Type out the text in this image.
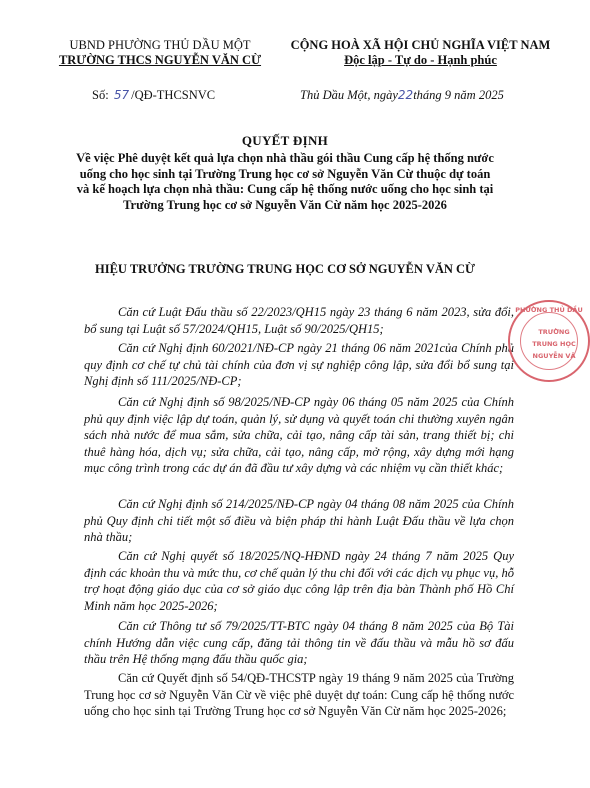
UBND PHƯỜNG THỦ DẦU MỘT
TRƯỜNG THCS NGUYỄN VĂN CỪ
CỘNG HOÀ XÃ HỘI CHỦ NGHĨA VIỆT NAM
Độc lập - Tự do - Hạnh phúc
Số: 57 /QĐ-THCSNVC	Thủ Dầu Một, ngày22tháng 9 năm 2025
QUYẾT ĐỊNH
Về việc Phê duyệt kết quả lựa chọn nhà thầu gói thầu Cung cấp hệ thống nước uống cho học sinh tại Trường Trung học cơ sở Nguyễn Văn Cừ thuộc dự toán và kế hoạch lựa chọn nhà thầu: Cung cấp hệ thống nước uống cho học sinh tại Trường Trung học cơ sở Nguyễn Văn Cừ năm học 2025-2026
HIỆU TRƯỞNG TRƯỜNG TRUNG HỌC CƠ SỞ NGUYỄN VĂN CỪ
Căn cứ Luật Đấu thầu số 22/2023/QH15 ngày 23 tháng 6 năm 2023, sửa đổi, bổ sung tại Luật số 57/2024/QH15, Luật số 90/2025/QH15;
Căn cứ Nghị định 60/2021/NĐ-CP ngày 21 tháng 06 năm 2021của Chính phủ quy định cơ chế tự chủ tài chính của đơn vị sự nghiệp công lập, sửa đổi bổ sung tại Nghị định số 111/2025/NĐ-CP;
Căn cứ Nghị định số 98/2025/NĐ-CP ngày 06 tháng 05 năm 2025 của Chính phủ quy định việc lập dự toán, quản lý, sử dụng và quyết toán chi thường xuyên ngân sách nhà nước để mua sắm, sửa chữa, cải tạo, nâng cấp tài sản, trang thiết bị; chi thuê hàng hóa, dịch vụ; sửa chữa, cải tạo, nâng cấp, mở rộng, xây dựng mới hạng mục công trình trong các dự án đã đầu tư xây dựng và các nhiệm vụ cần thiết khác;
Căn cứ Nghị định số 214/2025/NĐ-CP ngày 04 tháng 08 năm 2025 của Chính phủ Quy định chi tiết một số điều và biện pháp thi hành Luật Đấu thầu về lựa chọn nhà thầu;
Căn cứ Nghị quyết số 18/2025/NQ-HĐND ngày 24 tháng 7 năm 2025 Quy định các khoản thu và mức thu, cơ chế quản lý thu chi đối với các dịch vụ phục vụ, hỗ trợ hoạt động giáo dục của cơ sở giáo dục công lập trên địa bàn Thành phố Hồ Chí Minh năm học 2025-2026;
Căn cứ Thông tư số 79/2025/TT-BTC ngày 04 tháng 8 năm 2025 của Bộ Tài chính Hướng dẫn việc cung cấp, đăng tải thông tin về đấu thầu và mẫu hồ sơ đấu thầu trên Hệ thống mạng đấu thầu quốc gia;
Căn cứ Quyết định số 54/QĐ-THCSTP ngày 19 tháng 9 năm 2025 của Trường Trung học cơ sở Nguyễn Văn Cừ về việc phê duyệt dự toán: Cung cấp hệ thống nước uống cho học sinh tại Trường Trung học cơ sở Nguyễn Văn Cừ năm học 2025-2026;
PHƯỜNG THỦ DẦU
TRƯỜNG
TRUNG HỌC
NGUYỄN VĂ
